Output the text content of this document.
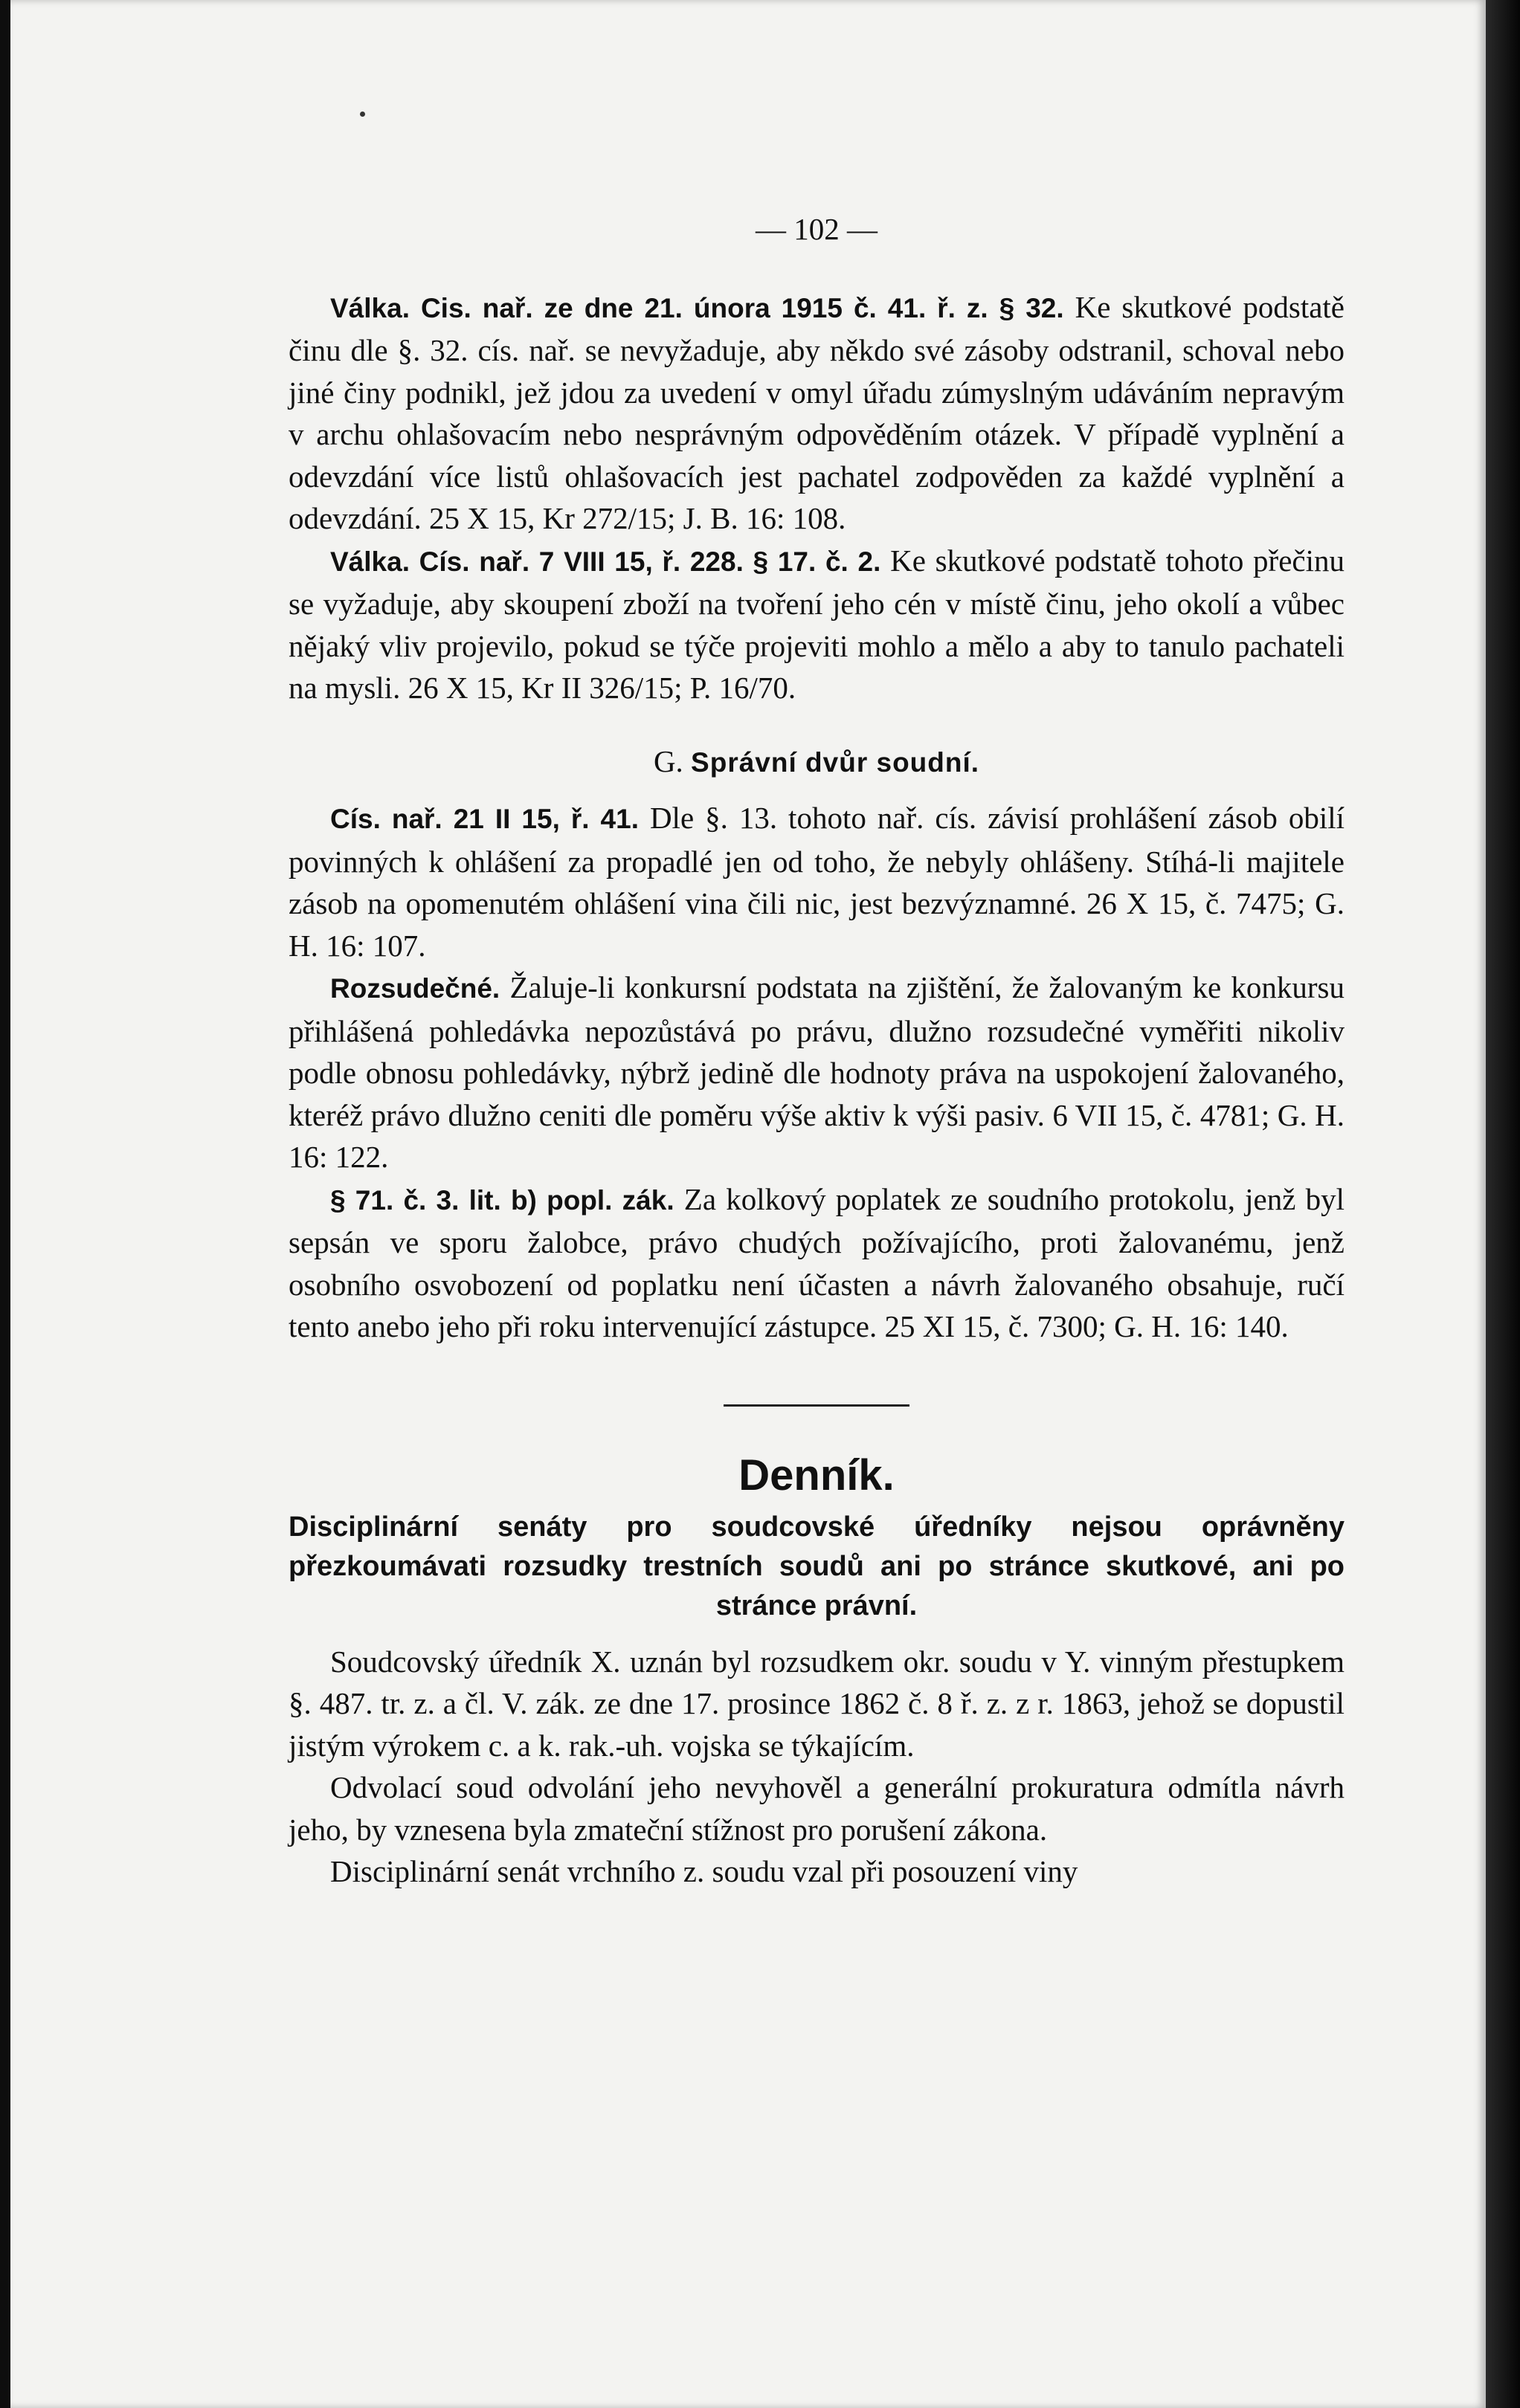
— 102 —

Válka. Cis. nař. ze dne 21. února 1915 č. 41. ř. z. § 32. Ke skutkové podstatě činu dle §. 32. cís. nař. se nevyžaduje, aby někdo své zásoby odstranil, schoval nebo jiné činy podnikl, jež jdou za uvedení v omyl úřadu zúmyslným udáváním nepravým v archu ohlašovacím nebo nesprávným odpověděním otázek. V případě vyplnění a odevzdání více listů ohlašovacích jest pachatel zodpověden za každé vyplnění a odevzdání. 25 X 15, Kr 272/15; J. B. 16: 108.

Válka. Cís. nař. 7 VIII 15, ř. 228. § 17. č. 2. Ke skutkové podstatě tohoto přečinu se vyžaduje, aby skoupení zboží na tvoření jeho cén v místě činu, jeho okolí a vůbec nějaký vliv projevilo, pokud se týče projeviti mohlo a mělo a aby to tanulo pachateli na mysli. 26 X 15, Kr II 326/15; P. 16/70.

G. Správní dvůr soudní.

Cís. nař. 21 II 15, ř. 41. Dle §. 13. tohoto nař. cís. závisí prohlášení zásob obilí povinných k ohlášení za propadlé jen od toho, že nebyly ohlášeny. Stíhá-li majitele zásob na opomenutém ohlášení vina čili nic, jest bezvýznamné. 26 X 15, č. 7475; G. H. 16: 107.

Rozsudečné. Žaluje-li konkursní podstata na zjištění, že žalovaným ke konkursu přihlášená pohledávka nepozůstává po právu, dlužno rozsudečné vyměřiti nikoliv podle obnosu pohledávky, nýbrž jedině dle hodnoty práva na uspokojení žalovaného, kteréž právo dlužno ceniti dle poměru výše aktiv k výši pasiv. 6 VII 15, č. 4781; G. H. 16: 122.

§ 71. č. 3. lit. b) popl. zák. Za kolkový poplatek ze soudního protokolu, jenž byl sepsán ve sporu žalobce, právo chudých požívajícího, proti žalovanému, jenž osobního osvobození od poplatku není účasten a návrh žalovaného obsahuje, ručí tento anebo jeho při roku intervenující zástupce. 25 XI 15, č. 7300; G. H. 16: 140.

Denník.
Disciplinární senáty pro soudcovské úředníky nejsou oprávněny přezkoumávati rozsudky trestních soudů ani po stránce skutkové, ani po stránce právní.

Soudcovský úředník X. uznán byl rozsudkem okr. soudu v Y. vinným přestupkem §. 487. tr. z. a čl. V. zák. ze dne 17. prosince 1862 č. 8 ř. z. z r. 1863, jehož se dopustil jistým výrokem c. a k. rak.-uh. vojska se týkajícím.

Odvolací soud odvolání jeho nevyhověl a generální prokuratura odmítla návrh jeho, by vznesena byla zmateční stížnost pro porušení zákona.

Disciplinární senát vrchního z. soudu vzal při posouzení viny
